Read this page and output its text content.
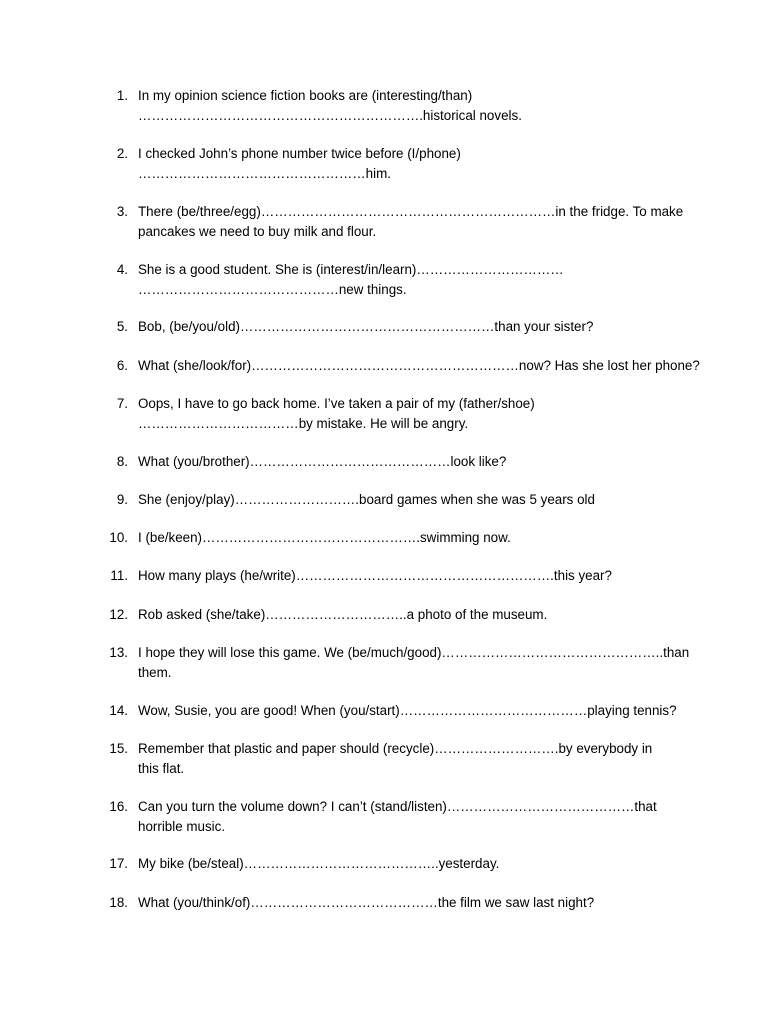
1. In my opinion science fiction books are (interesting/than)
……………………………………………………….historical novels.
2. I checked John’s phone number twice before (I/phone)
……………………………………………him.
3. There (be/three/egg)…………………………………………………………in the fridge. To make
pancakes we need to buy milk and flour.
4. She is a good student. She is (interest/in/learn)……………………………
………………………………………new things.
5. Bob, (be/you/old)…………………………………………………than your sister?
6. What (she/look/for)……………………………………………………now? Has she lost her phone?
7. Oops, I have to go back home. I’ve taken a pair of my (father/shoe)
………………………………by mistake. He will be angry.
8. What (you/brother)………………………………………look like?
9. She (enjoy/play)……………………….board games when she was 5 years old
10. I (be/keen)………………………………………….swimming now.
11. How many plays (he/write)………………………………………………….this year?
12. Rob asked (she/take)…………………………..a photo of the museum.
13. I hope they will lose this game. We (be/much/good)…………………………………………..than
them.
14. Wow, Susie, you are good! When (you/start)……………………………………playing tennis?
15. Remember that plastic and paper should (recycle)……………………….by everybody in
this flat.
16. Can you turn the volume down? I can’t (stand/listen)……………………………………that
horrible music.
17. My bike (be/steal)……………………………………..yesterday.
18. What (you/think/of)……………………………………the film we saw last night?
